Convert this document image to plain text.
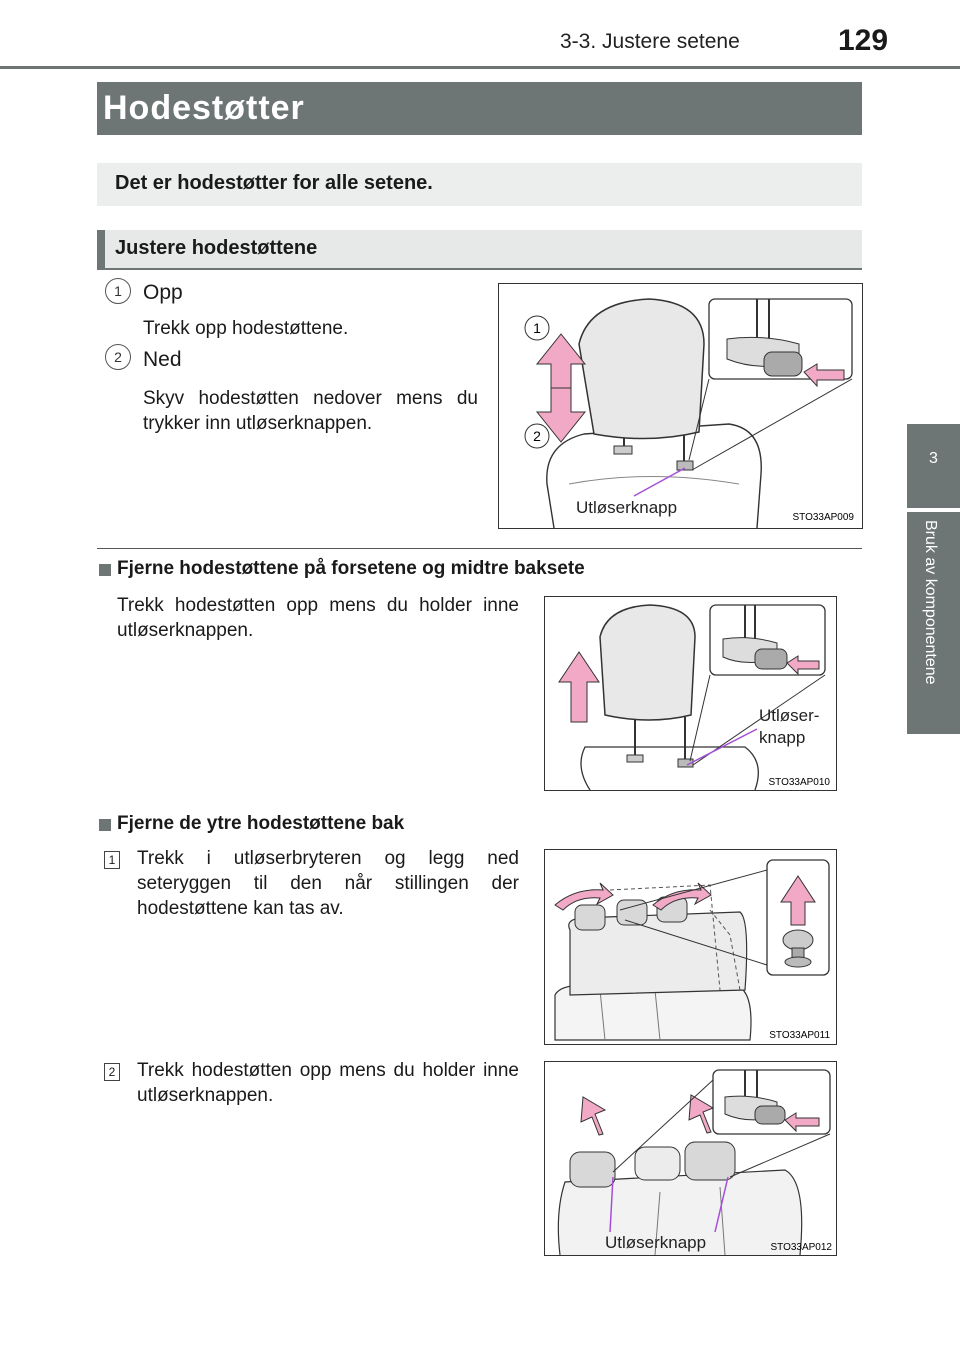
3-3. Justere setene	129
3
Bruk av komponentene
Hodestøtter
Det er hodestøtter for alle setene.
Justere hodestøttene
1	Opp
Trekk opp hodestøttene.
2	Ned
Skyv hodestøtten nedover mens du trykker inn utløserknappen.
Utløserknapp
1
2
STO33AP009
Fjerne hodestøttene på forsetene og midtre baksete
Trekk hodestøtten opp mens du holder inne utløserknappen.
Utløser-
knapp
STO33AP010
Fjerne de ytre hodestøttene bak
1 Trekk i utløserbryteren og legg ned seteryggen til den når stillingen der hodestøttene kan tas av.
STO33AP011
2 Trekk hodestøtten opp mens du holder inne utløserknappen.
Utløserknapp	STO33AP012
